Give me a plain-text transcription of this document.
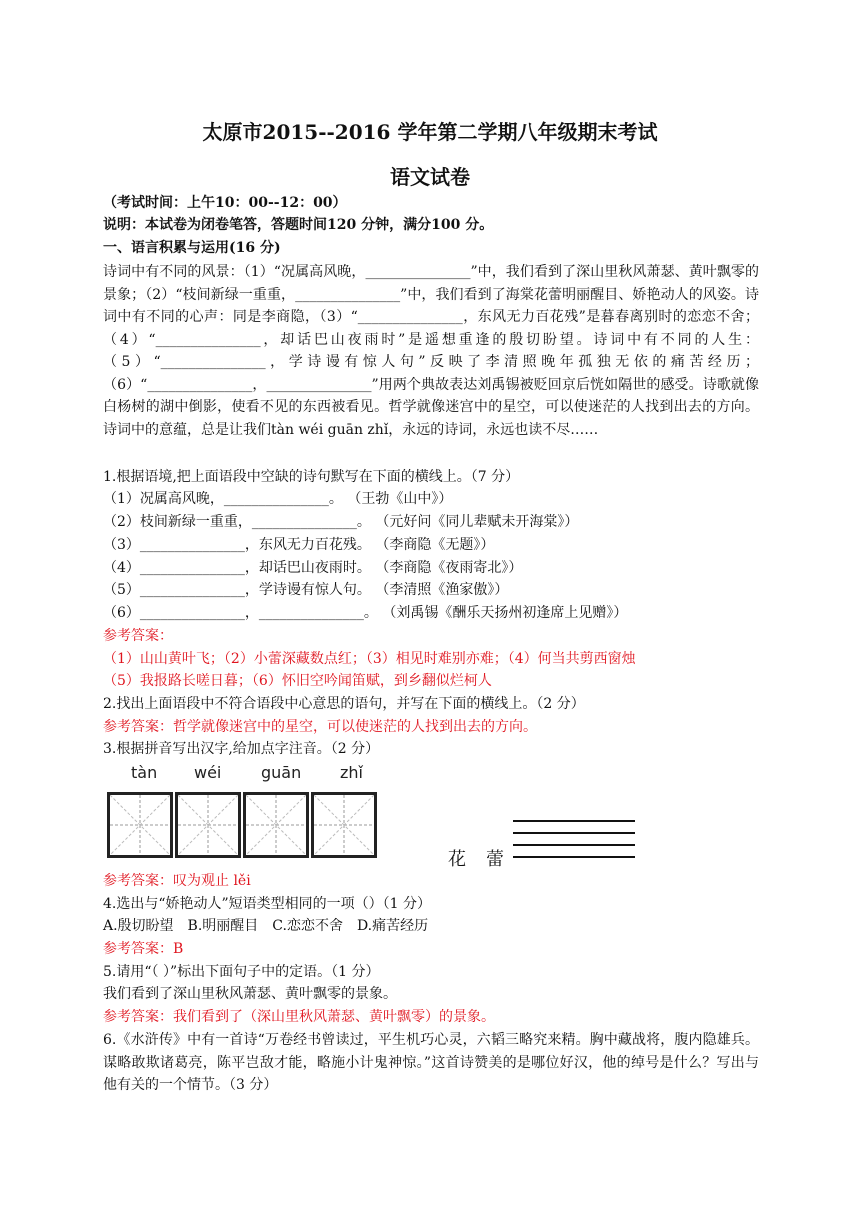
太原市2015--2016 学年第二学期八年级期末考试
语文试卷
（考试时间：上午10：00--12：00）
说明：本试卷为闭卷笔答，答题时间120 分钟，满分100 分。
一、语言积累与运用(16 分)
诗词中有不同的风景：（1）“况属高风晚，_______________”中，我们看到了深山里秋风萧瑟、黄叶飘零的景象；（2）“枝间新绿一重重，_______________”中，我们看到了海棠花蕾明丽醒目、娇艳动人的风姿。诗词中有不同的心声：同是李商隐，（3）“_______________，东风无力百花残”是暮春离别时的恋恋不舍；（4）“_______________，却话巴山夜雨时”是遥想重逢的殷切盼望。诗词中有不同的人生：（5）“_______________，学诗谩有惊人句”反映了李清照晚年孤独无依的痛苦经历；（6）“_______________，_______________”用两个典故表达刘禹锡被贬回京后恍如隔世的感受。诗歌就像白杨树的湖中倒影，使看不见的东西被看见。哲学就像迷宫中的星空，可以使迷茫的人找到出去的方向。诗词中的意蕴，总是让我们tàn wéi guān zhǐ，永远的诗词，永远也读不尽……
1.根据语境,把上面语段中空缺的诗句默写在下面的横线上。（7 分）
（1）况属高风晚，_______________。 （王勃《山中》）
（2）枝间新绿一重重，_______________。 （元好问《同儿辈赋未开海棠》）
（3）_______________，东风无力百花残。 （李商隐《无题》）
（4）_______________，却话巴山夜雨时。 （李商隐《夜雨寄北》）
（5）_______________，学诗谩有惊人句。 （李清照《渔家傲》）
（6）_______________，_______________。 （刘禹锡《酬乐天扬州初逢席上见赠》）
参考答案：
（1）山山黄叶飞；（2）小蕾深藏数点红；（3）相见时难别亦难；（4）何当共剪西窗烛
（5）我报路长嗟日暮；（6）怀旧空吟闻笛赋，到乡翻似烂柯人
2.找出上面语段中不符合语段中心意思的语句，并写在下面的横线上。（2 分）
参考答案：哲学就像迷宫中的星空，可以使迷茫的人找到出去的方向。
3.根据拼音写出汉字,给加点字注音。（2 分）
tàn wéi guān zhǐ
花 蕾
参考答案：叹为观止 lěi
4.选出与“娇艳动人”短语类型相同的一项（）（1 分）
A.殷切盼望　B.明丽醒目　C.恋恋不舍　D.痛苦经历
参考答案：B
5.请用“（ ）”标出下面句子中的定语。（1 分）
我们看到了深山里秋风萧瑟、黄叶飘零的景象。
参考答案：我们看到了（深山里秋风萧瑟、黄叶飘零）的景象。
6.《水浒传》中有一首诗“万卷经书曾读过，平生机巧心灵，六韬三略究来精。胸中藏战将，腹内隐雄兵。谋略敢欺诸葛亮，陈平岂敌才能，略施小计鬼神惊。”这首诗赞美的是哪位好汉，他的绰号是什么？写出与他有关的一个情节。（3 分）
